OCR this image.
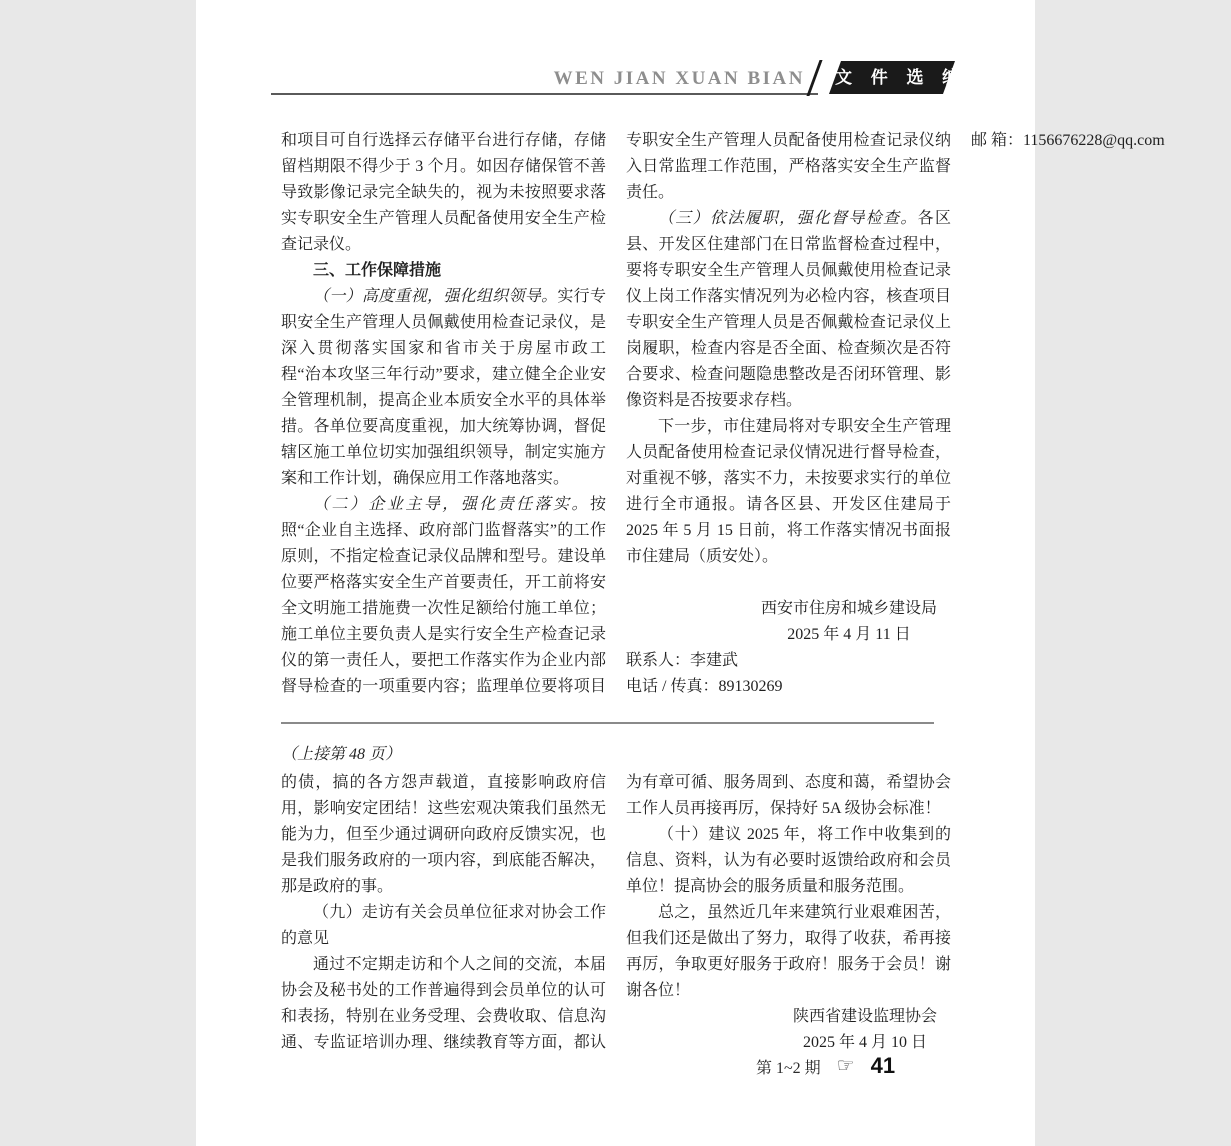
WEN JIAN XUAN BIAN 文 件 选 编

和项目可自行选择云存储平台进行存储，存储留档期限不得少于 3 个月。如因存储保管不善导致影像记录完全缺失的，视为未按照要求落实专职安全生产管理人员配备使用安全生产检查记录仪。

三、工作保障措施

（一）高度重视，强化组织领导。实行专职安全生产管理人员佩戴使用检查记录仪，是深入贯彻落实国家和省市关于房屋市政工程“治本攻坚三年行动”要求，建立健全企业安全管理机制，提高企业本质安全水平的具体举措。各单位要高度重视，加大统筹协调，督促辖区施工单位切实加强组织领导，制定实施方案和工作计划，确保应用工作落地落实。

（二）企业主导，强化责任落实。按照“企业自主选择、政府部门监督落实”的工作原则，不指定检查记录仪品牌和型号。建设单位要严格落实安全生产首要责任，开工前将安全文明施工措施费一次性足额给付施工单位；施工单位主要负责人是实行安全生产检查记录仪的第一责任人，要把工作落实作为企业内部督导检查的一项重要内容；监理单位要将项目专职安全生产管理人员配备使用检查记录仪纳入日常监理工作范围，严格落实安全生产监督责任。

（三）依法履职，强化督导检查。各区县、开发区住建部门在日常监督检查过程中，要将专职安全生产管理人员佩戴使用检查记录仪上岗工作落实情况列为必检内容，核查项目专职安全生产管理人员是否佩戴检查记录仪上岗履职，检查内容是否全面、检查频次是否符合要求、检查问题隐患整改是否闭环管理、影像资料是否按要求存档。

下一步，市住建局将对专职安全生产管理人员配备使用检查记录仪情况进行督导检查，对重视不够，落实不力，未按要求实行的单位进行全市通报。请各区县、开发区住建局于 2025 年 5 月 15 日前，将工作落实情况书面报市住建局（质安处）。

西安市住房和城乡建设局
2025 年 4 月 11 日
联系人：李建武
电话 / 传真：89130269
邮 箱：1156676228@qq.com
（上接第 48 页）

的债，搞的各方怨声载道，直接影响政府信用，影响安定团结！这些宏观决策我们虽然无能为力，但至少通过调研向政府反馈实况，也是我们服务政府的一项内容，到底能否解决，那是政府的事。

（九）走访有关会员单位征求对协会工作的意见

通过不定期走访和个人之间的交流，本届协会及秘书处的工作普遍得到会员单位的认可和表扬，特别在业务受理、会费收取、信息沟通、专监证培训办理、继续教育等方面，都认为有章可循、服务周到、态度和蔼，希望协会工作人员再接再厉，保持好 5A 级协会标准！

（十）建议 2025 年，将工作中收集到的信息、资料，认为有必要时返馈给政府和会员单位！提高协会的服务质量和服务范围。

总之，虽然近几年来建筑行业艰难困苦，但我们还是做出了努力，取得了收获，希再接再厉，争取更好服务于政府！服务于会员！谢谢各位！

陕西省建设监理协会
2025 年 4 月 10 日
第 1~2 期 ☞ 41
